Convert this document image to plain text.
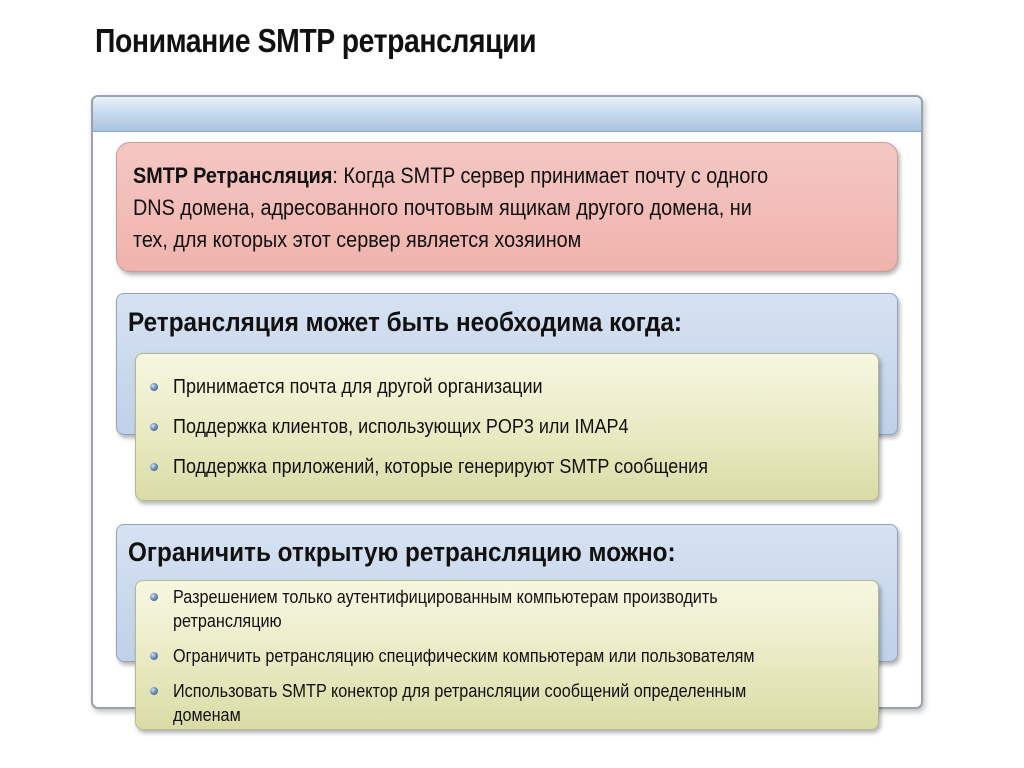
Понимание SMTP ретрансляции
SMTP Ретрансляция: Когда SMTP сервер принимает почту с одного DNS домена, адресованного почтовым ящикам другого домена, ни тех, для которых этот сервер является хозяином
Ретрансляция может быть необходима когда:
Принимается почта для другой организации
Поддержка клиентов, использующих POP3 или IMAP4
Поддержка приложений, которые генерируют SMTP сообщения
Ограничить открытую ретрансляцию можно:
Разрешением только аутентифицированным компьютерам производить ретрансляцию
Ограничить ретрансляцию специфическим компьютерам или пользователям
Использовать SMTP конектор для ретрансляции сообщений определенным доменам
